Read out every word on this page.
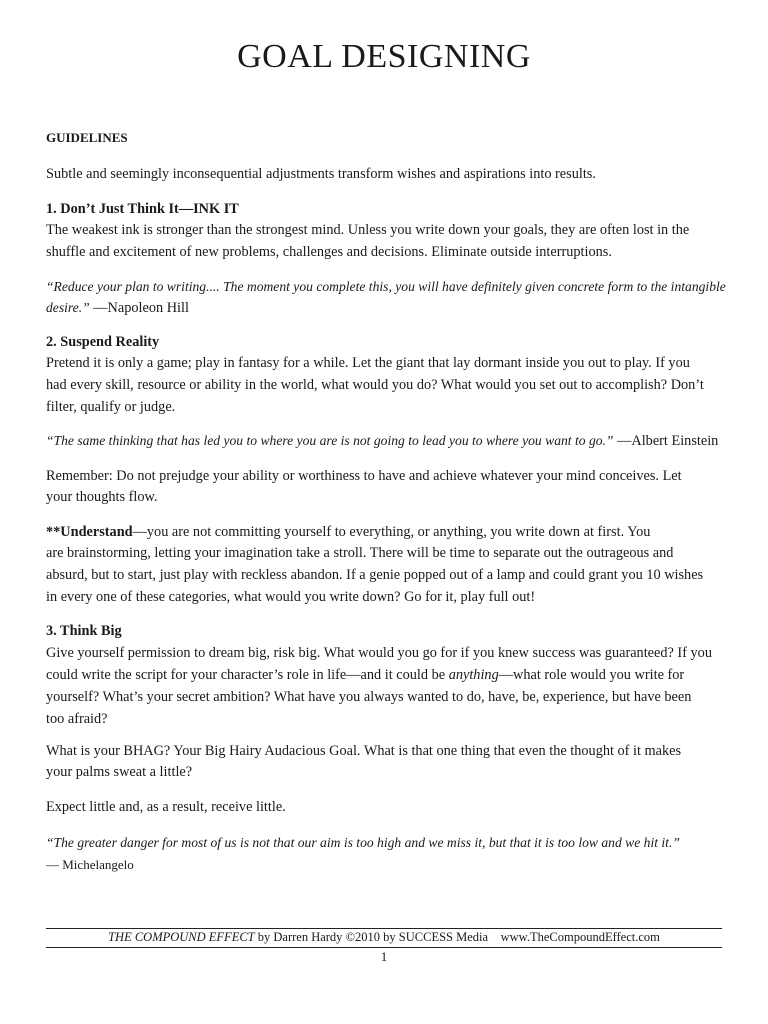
GOAL DESIGNING
GUIDELINES
Subtle and seemingly inconsequential adjustments transform wishes and aspirations into results.
1. Don’t Just Think It—INK IT
The weakest ink is stronger than the strongest mind. Unless you write down your goals, they are often lost in the
shuffle and excitement of new problems, challenges and decisions. Eliminate outside interruptions.
“Reduce your plan to writing.... The moment you complete this, you will have definitely given concrete form to the intangible
desire.” —Napoleon Hill
2. Suspend Reality
Pretend it is only a game; play in fantasy for a while. Let the giant that lay dormant inside you out to play. If you
had every skill, resource or ability in the world, what would you do? What would you set out to accomplish? Don’t
filter, qualify or judge.
“The same thinking that has led you to where you are is not going to lead you to where you want to go.” —Albert Einstein
Remember: Do not prejudge your ability or worthiness to have and achieve whatever your mind conceives. Let
your thoughts flow.
**Understand—you are not committing yourself to everything, or anything, you write down at first. You
are brainstorming, letting your imagination take a stroll. There will be time to separate out the outrageous and
absurd, but to start, just play with reckless abandon. If a genie popped out of a lamp and could grant you 10 wishes
in every one of these categories, what would you write down? Go for it, play full out!
3. Think Big
Give yourself permission to dream big, risk big. What would you go for if you knew success was guaranteed? If you
could write the script for your character’s role in life—and it could be anything—what role would you write for
yourself? What’s your secret ambition? What have you always wanted to do, have, be, experience, but have been
too afraid?
What is your BHAG? Your Big Hairy Audacious Goal. What is that one thing that even the thought of it makes
your palms sweat a little?
Expect little and, as a result, receive little.
“The greater danger for most of us is not that our aim is too high and we miss it, but that it is too low and we hit it.”
— Michelangelo
THE COMPOUND EFFECT by Darren Hardy ©2010 by SUCCESS Media www.TheCompoundEffect.com
1
